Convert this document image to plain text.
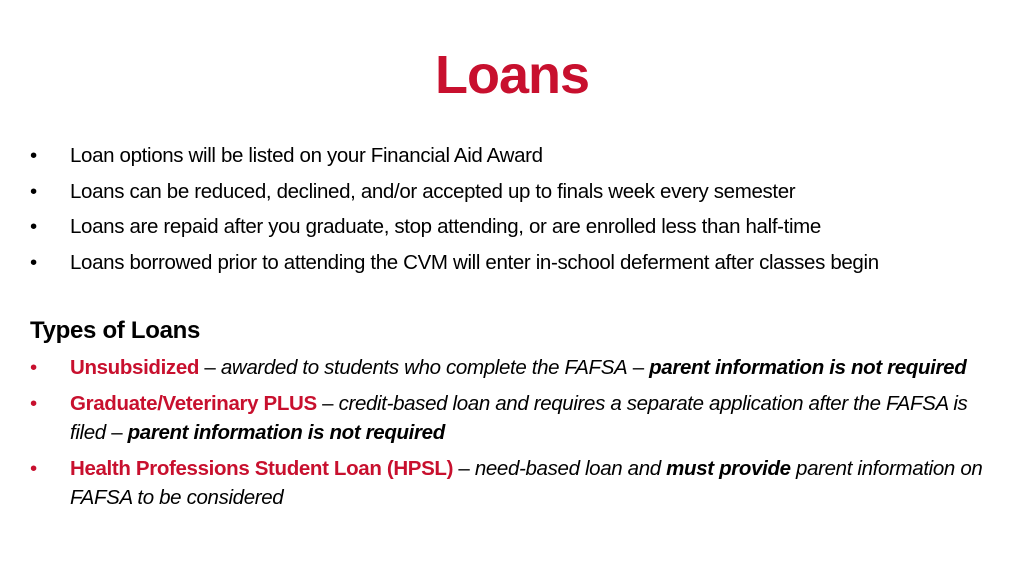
Loans
• Loan options will be listed on your Financial Aid Award
• Loans can be reduced, declined, and/or accepted up to finals week every semester
• Loans are repaid after you graduate, stop attending, or are enrolled less than half-time
• Loans borrowed prior to attending the CVM will enter in-school deferment after classes begin
Types of Loans
• Unsubsidized – awarded to students who complete the FAFSA – parent information is not required
• Graduate/Veterinary PLUS – credit-based loan and requires a separate application after the FAFSA is filed – parent information is not required
• Health Professions Student Loan (HPSL) – need-based loan and must provide parent information on FAFSA to be considered
